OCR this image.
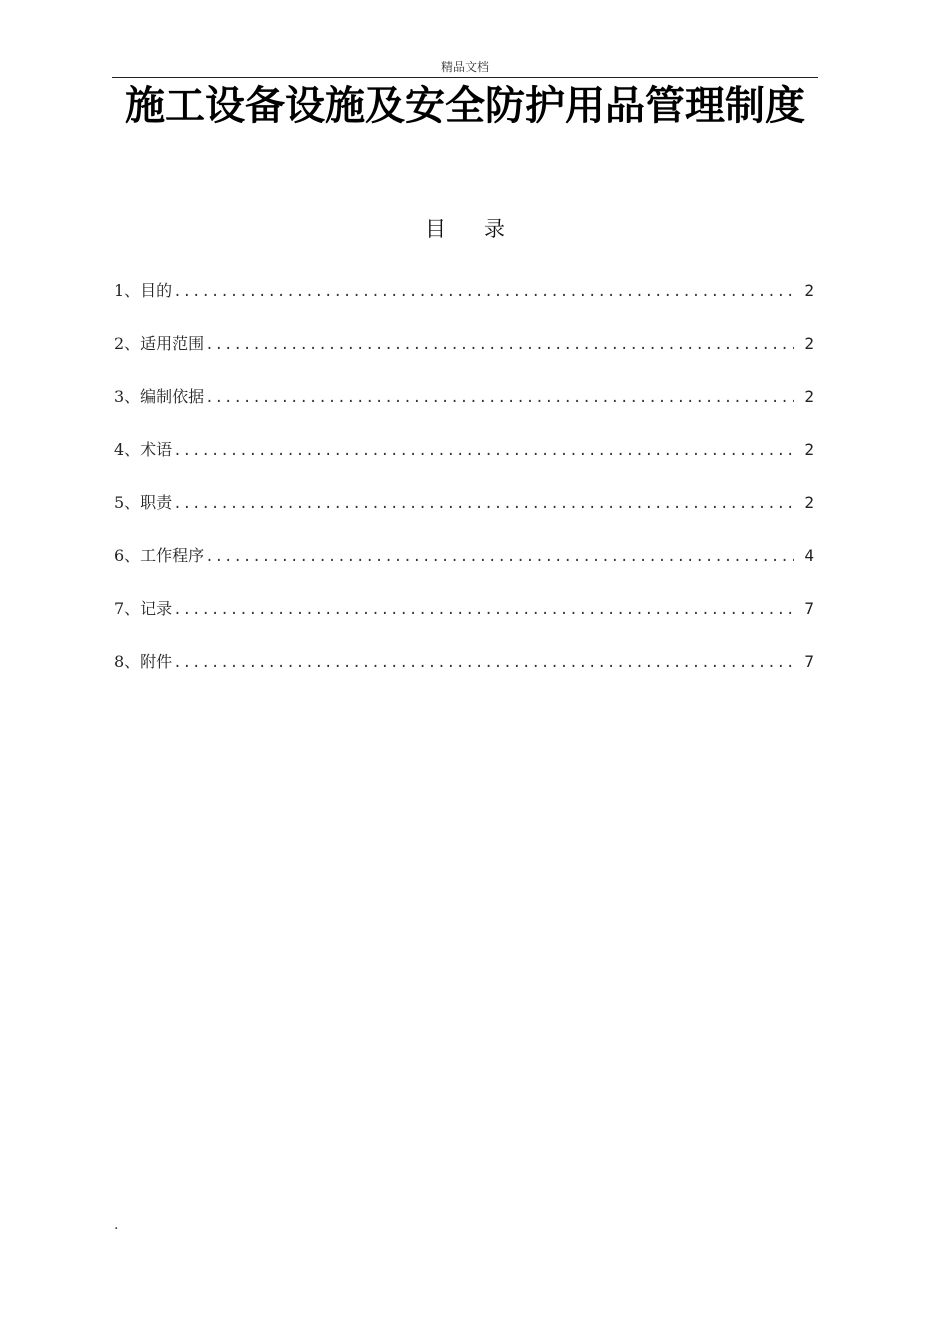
精品文档
施工设备设施及安全防护用品管理制度
目录
1、目的 .....	2
2、适用范围 .....	2
3、编制依据 .....	2
4、术语 .....	2
5、职责 .....	2
6、工作程序 .....	4
7、记录 .....	7
8、附件 .....	7
.
